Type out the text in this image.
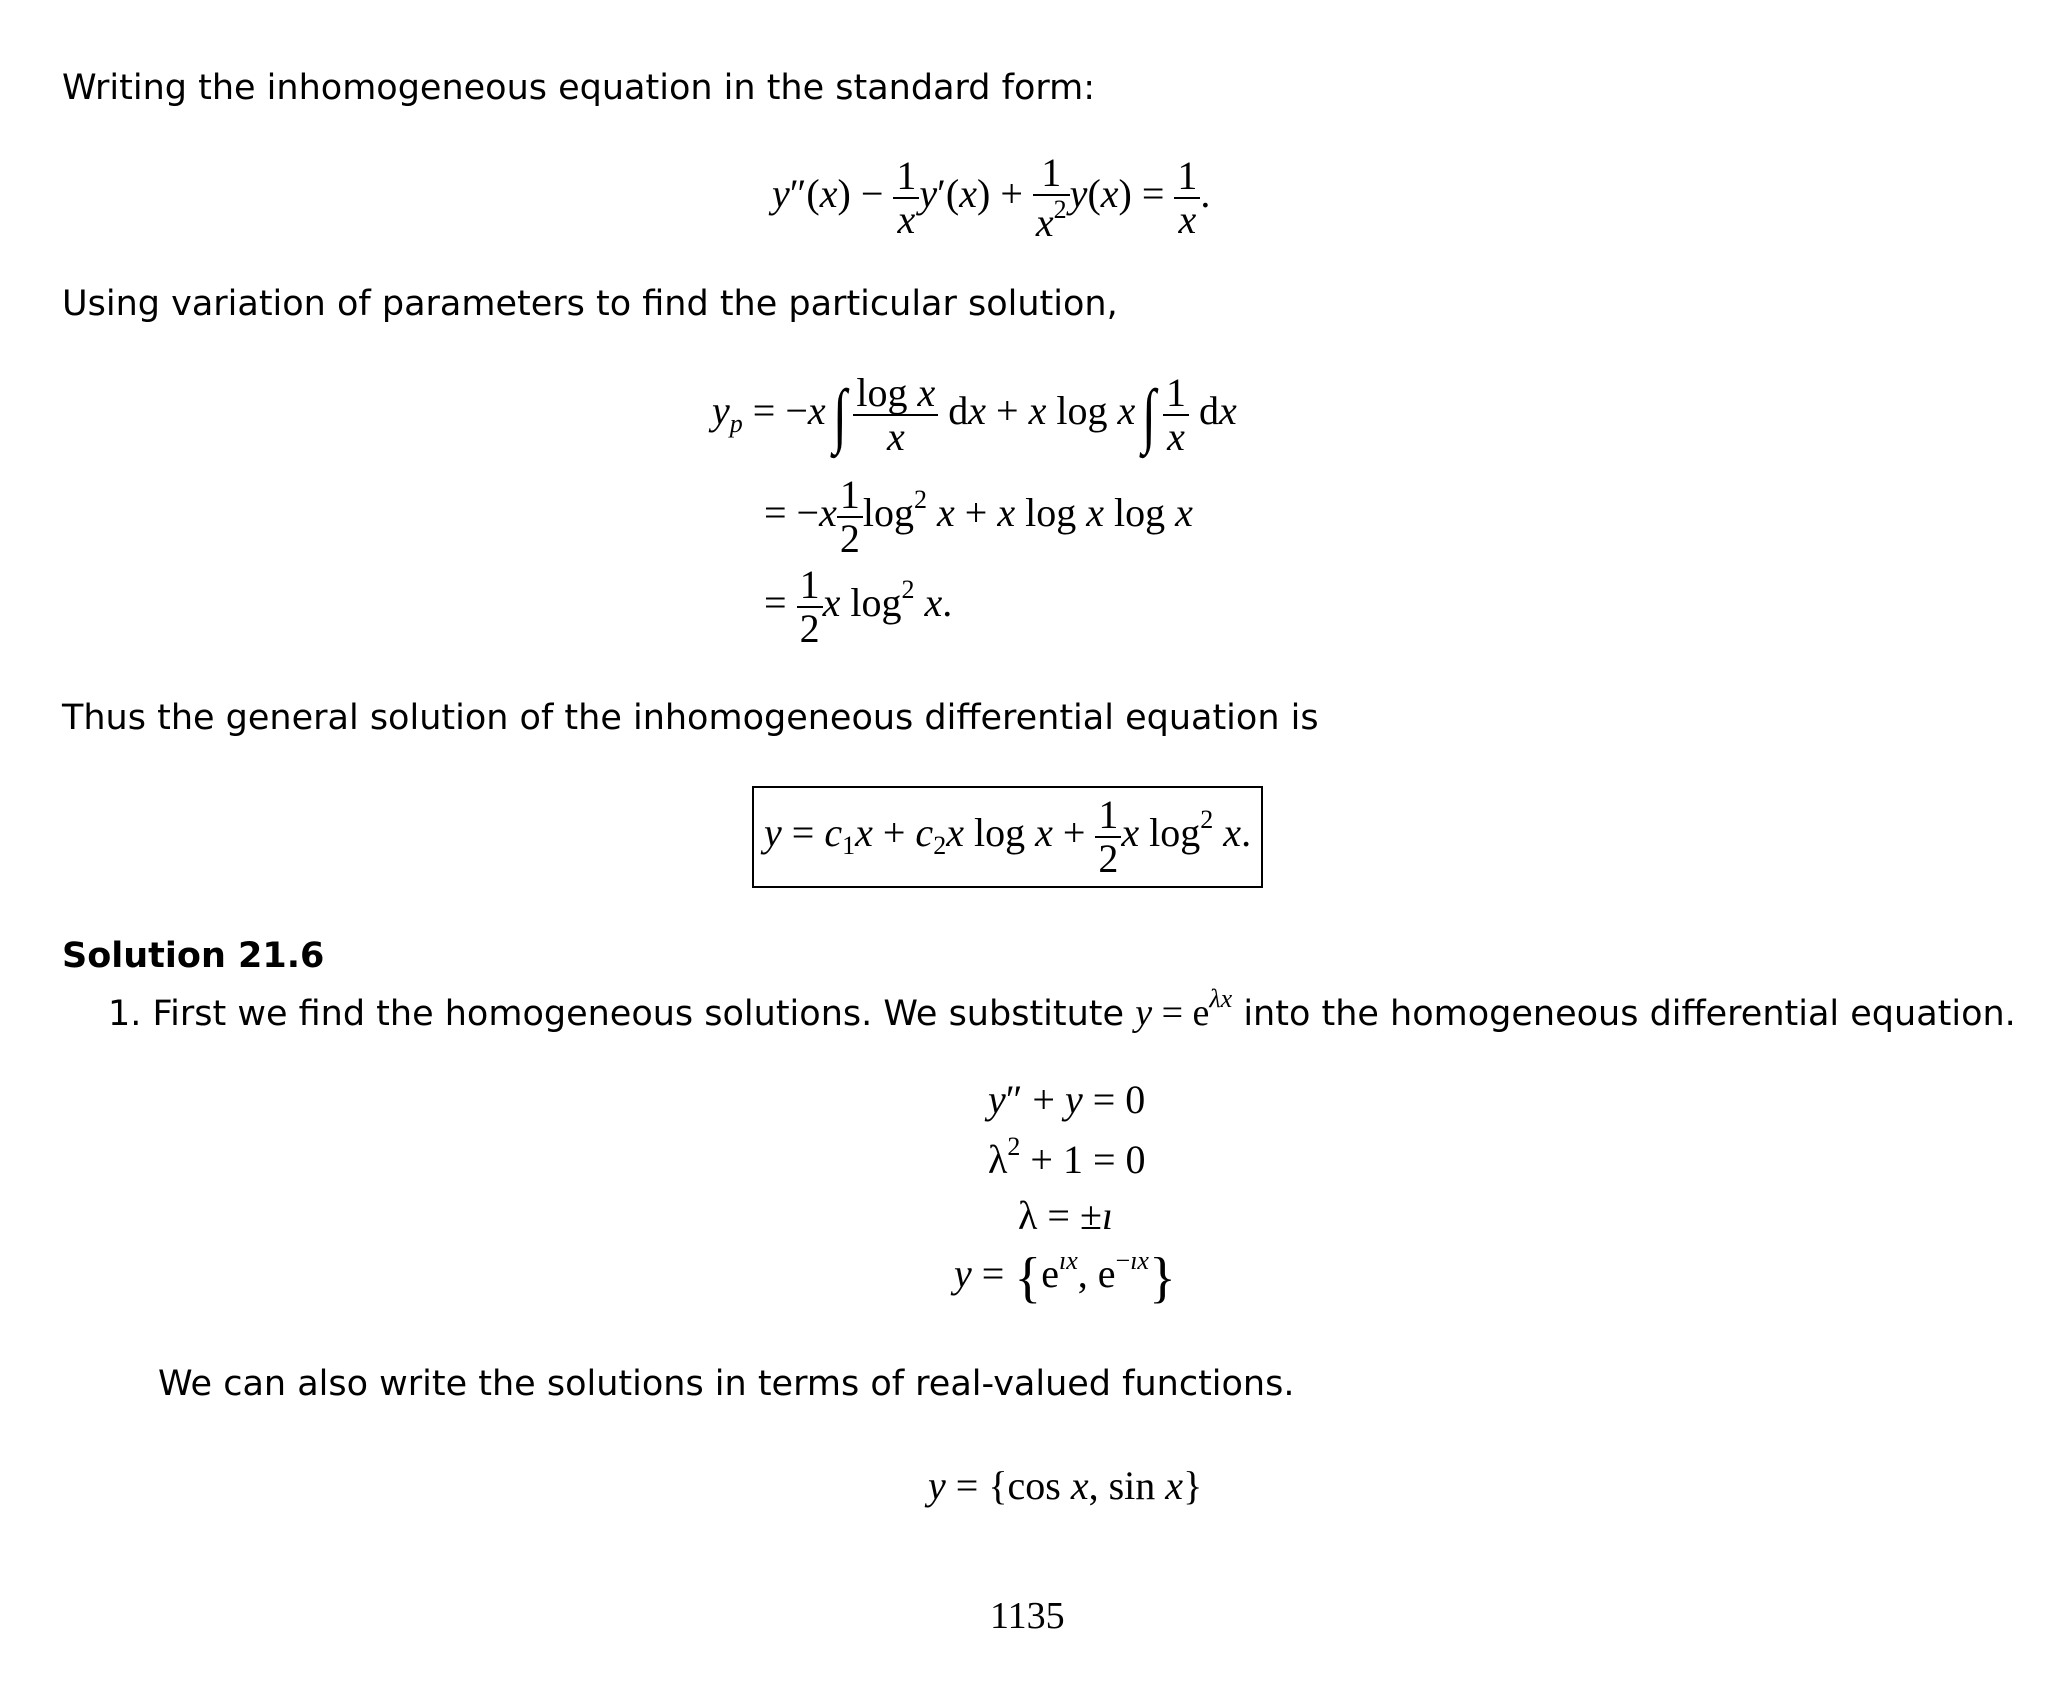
Writing the inhomogeneous equation in the standard form:
$y''(x) - \frac{1}{x} y'(x) + \frac{1}{x^2} y(x) = \frac{1}{x}$ .
Using variation of parameters to find the particular solution,
$y_p = -x$ ∫ $\frac{\text{log x}}{x}$ dx + x log x ∫ $\frac{1}{x}$ dx
= $-x \frac{1}{2} \log^2 x + x$ log x log x
= $\frac{1}{2}$ x $\log^2 x$.
Thus the general solution of the inhomogeneous differential equation is
$y = c_1x + c_2x$ $\log x + \frac{1}{2}$ x $\log^2 x$.
Solution 21.6
1. First we find the homogeneous solutions. We substitute $y = e^{\lambda x}$ into the homogeneous differential equation.
y″ + y = 0
$\lambda^2 + 1 = 0$
λ = ±ı
$y = \{e^{ıx}$, $e^{-ıx}$}
We can also write the solutions in terms of real-valued functions.
y = {cos x, sin x}
1135
